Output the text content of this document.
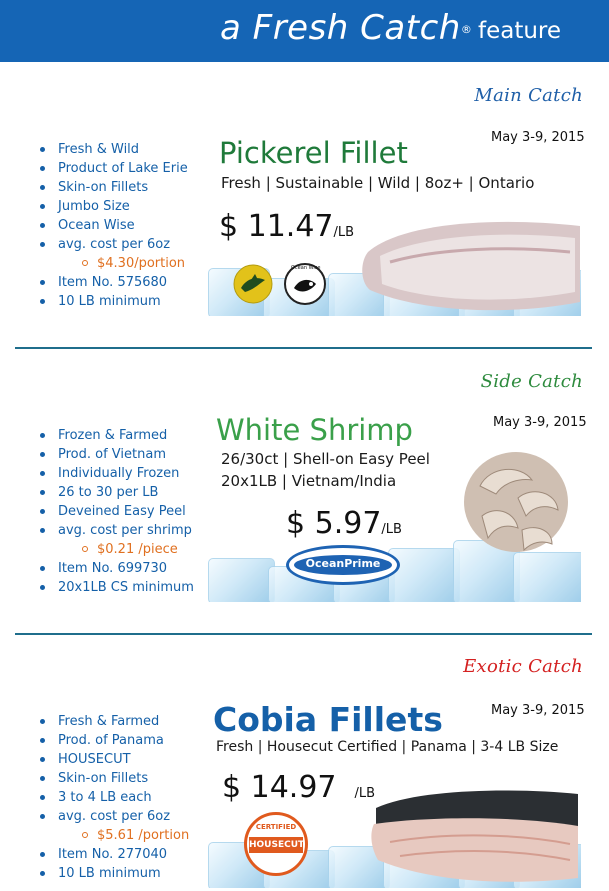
a Fresh Catch® feature
Main Catch
May 3-9, 2015
Fresh & Wild
Product of Lake Erie
Skin-on Fillets
Jumbo Size
Ocean Wise
avg. cost per 6oz
$4.30/portion
Item No. 575680
10 LB minimum
Pickerel Fillet
Fresh | Sustainable | Wild | 8oz+ | Ontario
$ 11.47/LB
Ocean Wise
Side Catch
May 3-9, 2015
Frozen & Farmed
Prod. of Vietnam
Individually Frozen
26 to 30 per LB
Deveined Easy Peel
avg. cost per shrimp
$0.21 /piece
Item No. 699730
20x1LB CS minimum
White Shrimp
26/30ct | Shell-on Easy Peel
20x1LB | Vietnam/India
$ 5.97/LB
OceanPrime
Exotic Catch
May 3-9, 2015
Fresh & Farmed
Prod. of Panama
HOUSECUT
Skin-on Fillets
3 to 4 LB each
avg. cost per 6oz
$5.61 /portion
Item No. 277040
10 LB minimum
Cobia Fillets
Fresh | Housecut Certified | Panama | 3-4 LB Size
$ 14.97 /LB
CERTIFIED
HOUSECUT
